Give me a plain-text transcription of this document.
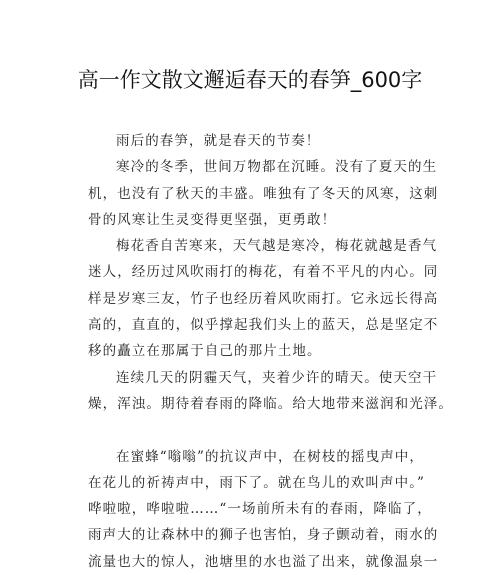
高一作文散文邂逅春天的春笋_600字
雨后的春笋，就是春天的节奏！
寒冷的冬季，世间万物都在沉睡。没有了夏天的生
机，也没有了秋天的丰盛。唯独有了冬天的风寒，这刺
骨的风寒让生灵变得更坚强，更勇敢！
梅花香自苦寒来，天气越是寒冷，梅花就越是香气
迷人，经历过风吹雨打的梅花，有着不平凡的内心。同
样是岁寒三友，竹子也经历着风吹雨打。它永远长得高
高的，直直的，似乎撑起我们头上的蓝天，总是坚定不
移的矗立在那属于自己的那片土地。
连续几天的阴霾天气，夹着少许的晴天。使天空干
燥，浑浊。期待着春雨的降临。给大地带来滋润和光泽。
在蜜蜂“嗡嗡”的抗议声中，在树枝的摇曳声中，
在花儿的祈祷声中，雨下了。就在鸟儿的欢叫声中。”
哗啦啦，哗啦啦……“一场前所未有的春雨，降临了，
雨声大的让森林中的狮子也害怕，身子颤动着，雨水的
流量也大的惊人，池塘里的水也溢了出来，就像温泉一
